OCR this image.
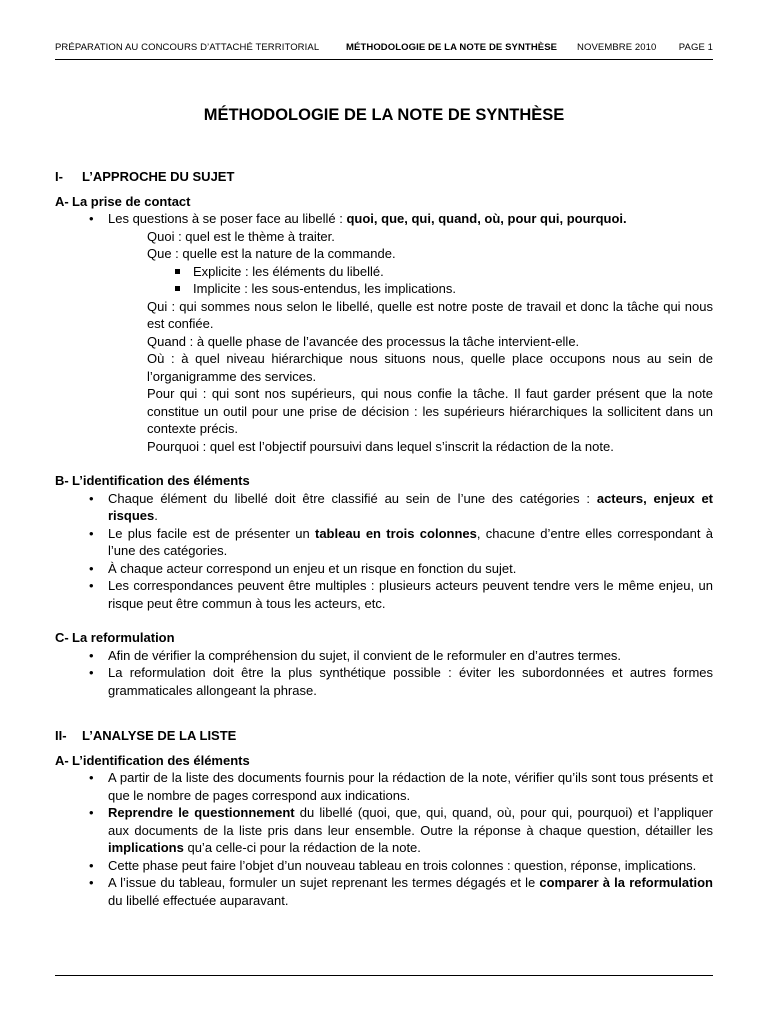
PRÉPARATION AU CONCOURS D’ATTACHÉ TERRITORIAL	MÉTHODOLOGIE DE LA NOTE DE SYNTHÈSE NOVEMBRE 2010 PAGE 1
MÉTHODOLOGIE DE LA NOTE DE SYNTHÈSE
I-	L’APPROCHE DU SUJET
A- La prise de contact
• Les questions à se poser face au libellé : quoi, que, qui, quand, où, pour qui, pourquoi.

Quoi : quel est le thème à traiter.

Que : quelle est la nature de la commande.

Explicite : les éléments du libellé.
Implicite : les sous-entendus, les implications.

Qui : qui sommes nous selon le libellé, quelle est notre poste de travail et donc la tâche qui nous est confiée.

Quand : à quelle phase de l’avancée des processus la tâche intervient-elle.

Où : à quel niveau hiérarchique nous situons nous, quelle place occupons nous au sein de l’organigramme des services.

Pour qui : qui sont nos supérieurs, qui nous confie la tâche. Il faut garder présent que la note constitue un outil pour une prise de décision : les supérieurs hiérarchiques la sollicitent dans un contexte précis.

Pourquoi : quel est l’objectif poursuivi dans lequel s’inscrit la rédaction de la note.

B- L’identification des éléments
• Chaque élément du libellé doit être classifié au sein de l’une des catégories : acteurs, enjeux et risques.
• Le plus facile est de présenter un tableau en trois colonnes, chacune d’entre elles correspondant à l’une des catégories.
• À chaque acteur correspond un enjeu et un risque en fonction du sujet.
• Les correspondances peuvent être multiples : plusieurs acteurs peuvent tendre vers le même enjeu, un risque peut être commun à tous les acteurs, etc.
C- La reformulation
• Afin de vérifier la compréhension du sujet, il convient de le reformuler en d’autres termes.
• La reformulation doit être la plus synthétique possible : éviter les subordonnées et autres formes grammaticales allongeant la phrase.
II-	L’ANALYSE DE LA LISTE
A- L’identification des éléments
• A partir de la liste des documents fournis pour la rédaction de la note, vérifier qu’ils sont tous présents et que le nombre de pages correspond aux indications.
• Reprendre le questionnement du libellé (quoi, que, qui, quand, où, pour qui, pourquoi) et l’appliquer aux documents de la liste pris dans leur ensemble. Outre la réponse à chaque question, détailler les implications qu’a celle-ci pour la rédaction de la note.
• Cette phase peut faire l’objet d’un nouveau tableau en trois colonnes : question, réponse, implications.
• A l’issue du tableau, formuler un sujet reprenant les termes dégagés et le comparer à la reformulation du libellé effectuée auparavant.
